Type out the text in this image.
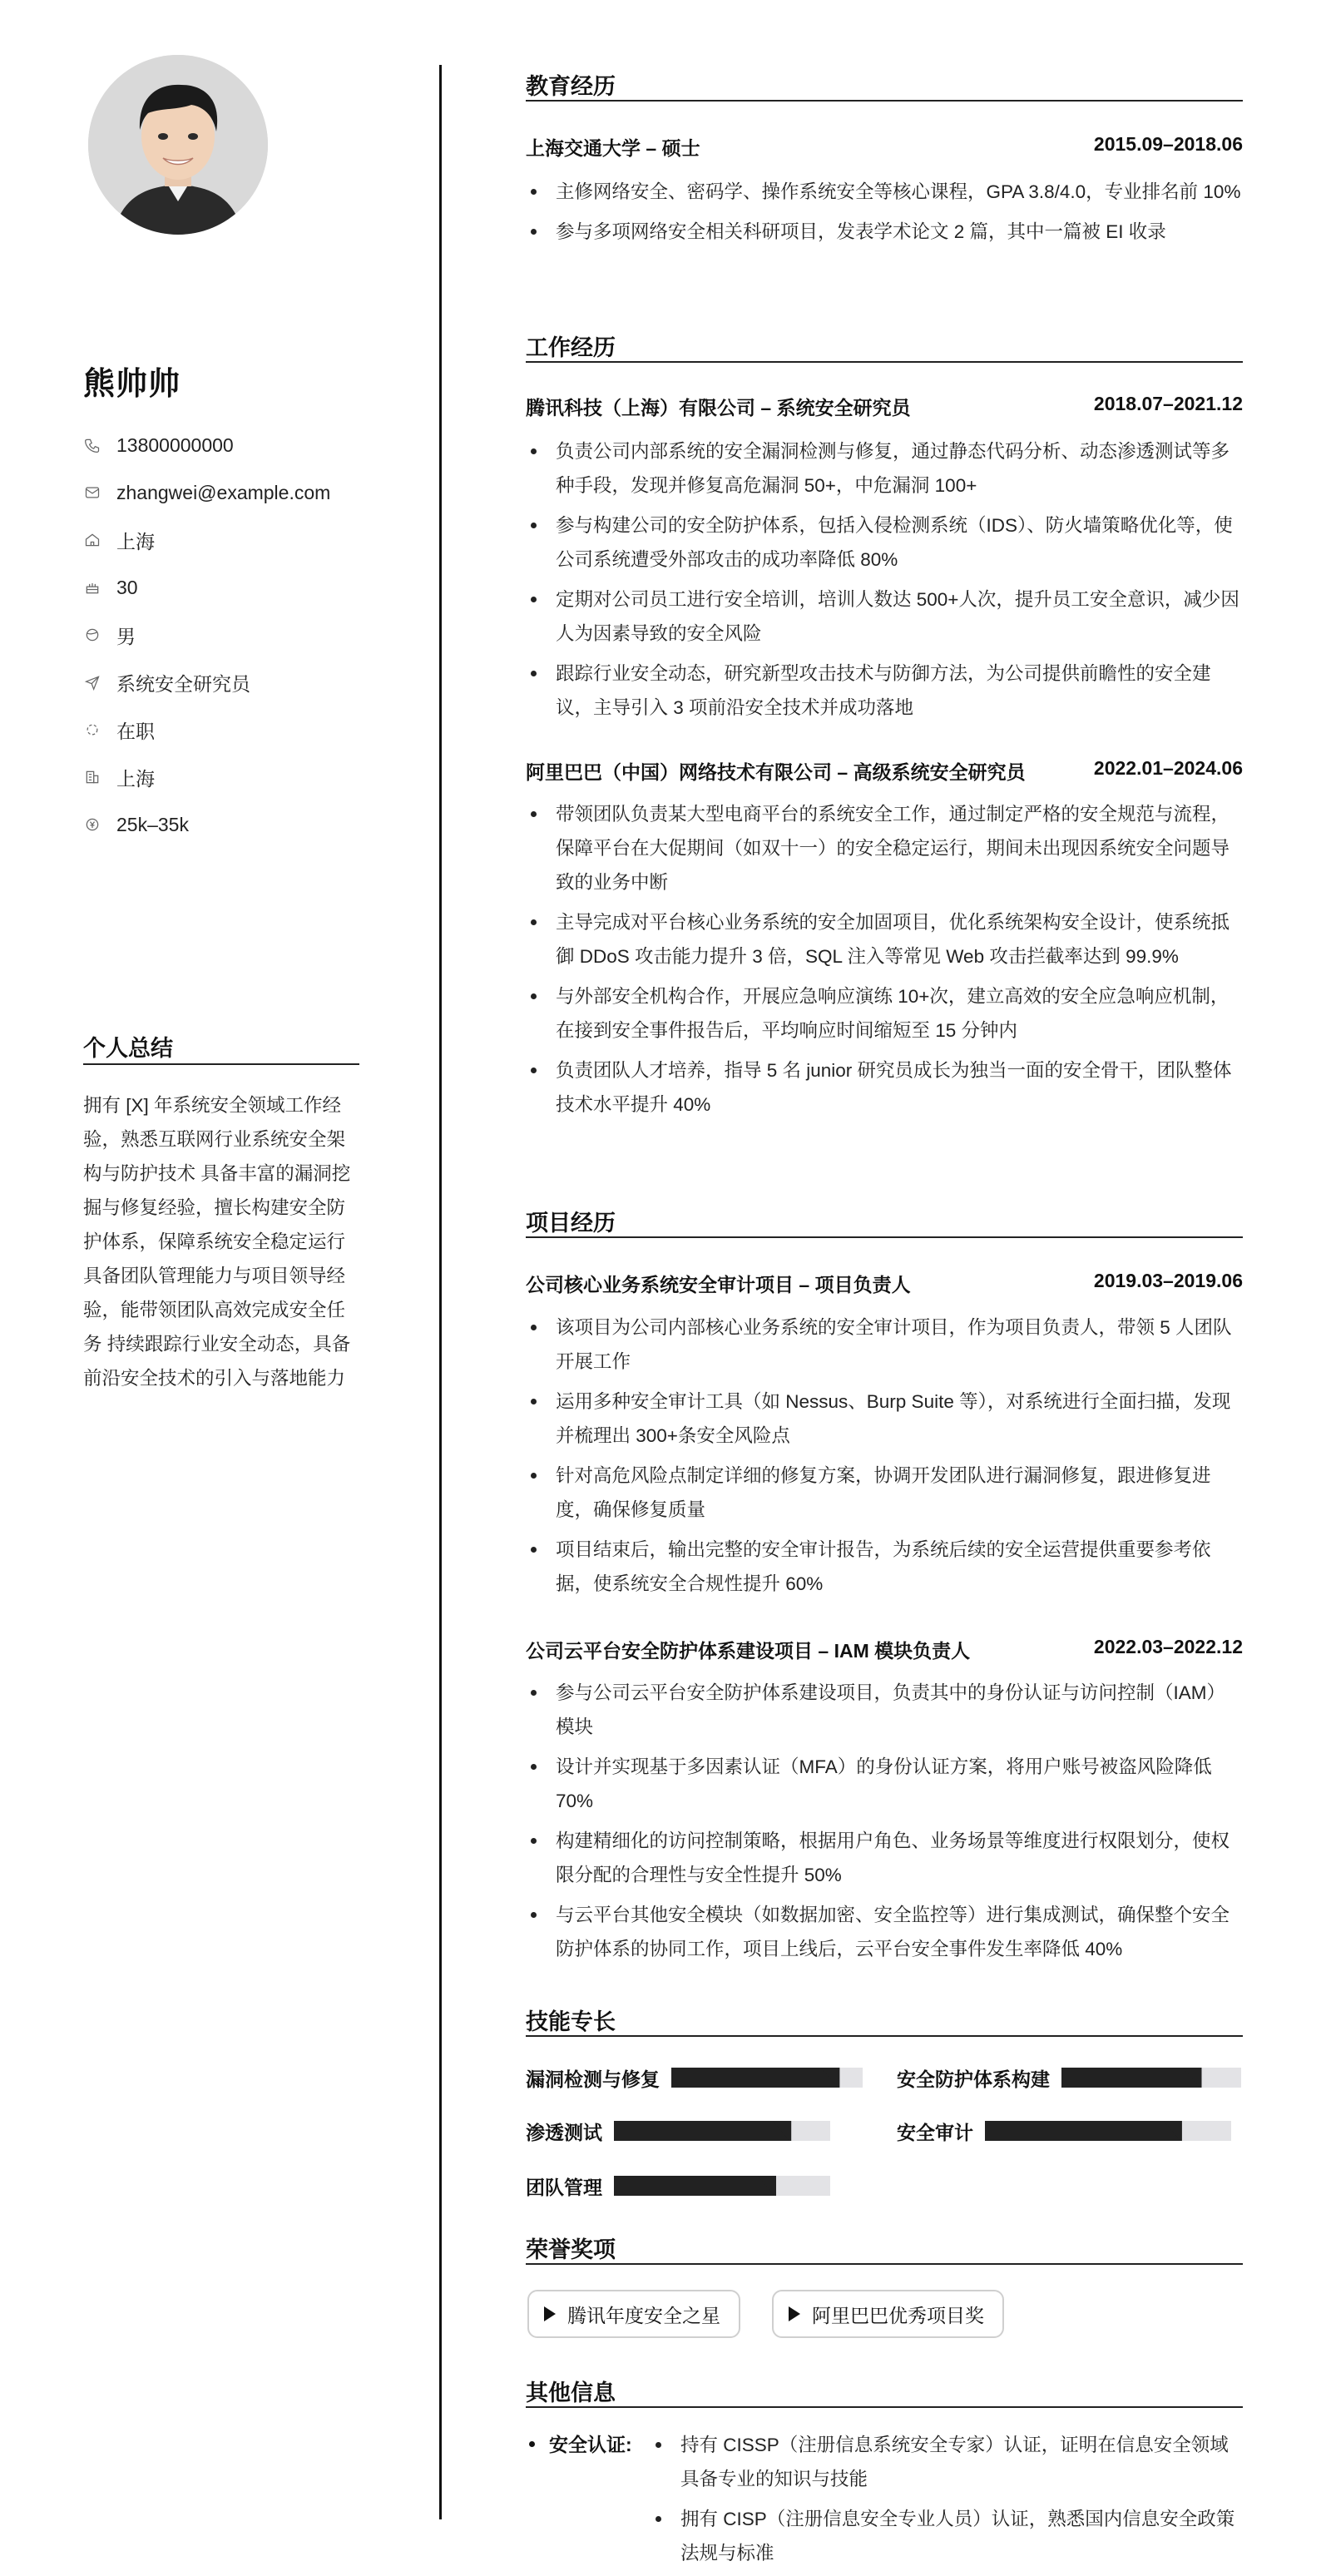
熊帅帅
13800000000
zhangwei@example.com
上海
30
男
系统安全研究员
在职
上海
25k–35k
个人总结
拥有 [X] 年系统安全领域工作经验，熟悉互联网行业系统安全架构与防护技术 具备丰富的漏洞挖掘与修复经验，擅长构建安全防护体系，保障系统安全稳定运行 具备团队管理能力与项目领导经验，能带领团队高效完成安全任务 持续跟踪行业安全动态，具备前沿安全技术的引入与落地能力
教育经历
上海交通大学 – 硕士	2015.09–2018.06
主修网络安全、密码学、操作系统安全等核心课程，GPA 3.8/4.0，专业排名前 10%
参与多项网络安全相关科研项目，发表学术论文 2 篇，其中一篇被 EI 收录
工作经历
腾讯科技（上海）有限公司 – 系统安全研究员	2018.07–2021.12
负责公司内部系统的安全漏洞检测与修复，通过静态代码分析、动态渗透测试等多种手段，发现并修复高危漏洞 50+，中危漏洞 100+
参与构建公司的安全防护体系，包括入侵检测系统（IDS）、防火墙策略优化等，使公司系统遭受外部攻击的成功率降低 80%
定期对公司员工进行安全培训，培训人数达 500+人次，提升员工安全意识，减少因人为因素导致的安全风险
跟踪行业安全动态，研究新型攻击技术与防御方法，为公司提供前瞻性的安全建议，主导引入 3 项前沿安全技术并成功落地
阿里巴巴（中国）网络技术有限公司 – 高级系统安全研究员	2022.01–2024.06
带领团队负责某大型电商平台的系统安全工作，通过制定严格的安全规范与流程，保障平台在大促期间（如双十一）的安全稳定运行，期间未出现因系统安全问题导致的业务中断
主导完成对平台核心业务系统的安全加固项目，优化系统架构安全设计，使系统抵御 DDoS 攻击能力提升 3 倍，SQL 注入等常见 Web 攻击拦截率达到 99.9%
与外部安全机构合作，开展应急响应演练 10+次，建立高效的安全应急响应机制，在接到安全事件报告后，平均响应时间缩短至 15 分钟内
负责团队人才培养，指导 5 名 junior 研究员成长为独当一面的安全骨干，团队整体技术水平提升 40%
项目经历
公司核心业务系统安全审计项目 – 项目负责人	2019.03–2019.06
该项目为公司内部核心业务系统的安全审计项目，作为项目负责人，带领 5 人团队开展工作
运用多种安全审计工具（如 Nessus、Burp Suite 等），对系统进行全面扫描，发现并梳理出 300+条安全风险点
针对高危风险点制定详细的修复方案，协调开发团队进行漏洞修复，跟进修复进度，确保修复质量
项目结束后，输出完整的安全审计报告，为系统后续的安全运营提供重要参考依据，使系统安全合规性提升 60%
公司云平台安全防护体系建设项目 – IAM 模块负责人	2022.03–2022.12
参与公司云平台安全防护体系建设项目，负责其中的身份认证与访问控制（IAM）模块
设计并实现基于多因素认证（MFA）的身份认证方案，将用户账号被盗风险降低 70%
构建精细化的访问控制策略，根据用户角色、业务场景等维度进行权限划分，使权限分配的合理性与安全性提升 50%
与云平台其他安全模块（如数据加密、安全监控等）进行集成测试，确保整个安全防护体系的协同工作，项目上线后，云平台安全事件发生率降低 40%
技能专长
漏洞检测与修复	安全防护体系构建
渗透测试	安全审计
团队管理
荣誉奖项
腾讯年度安全之星	阿里巴巴优秀项目奖
其他信息
安全认证:	持有 CISSP（注册信息系统安全专家）认证，证明在信息安全领域具备专业的知识与技能
拥有 CISP（注册信息安全专业人员）认证，熟悉国内信息安全政策法规与标准
